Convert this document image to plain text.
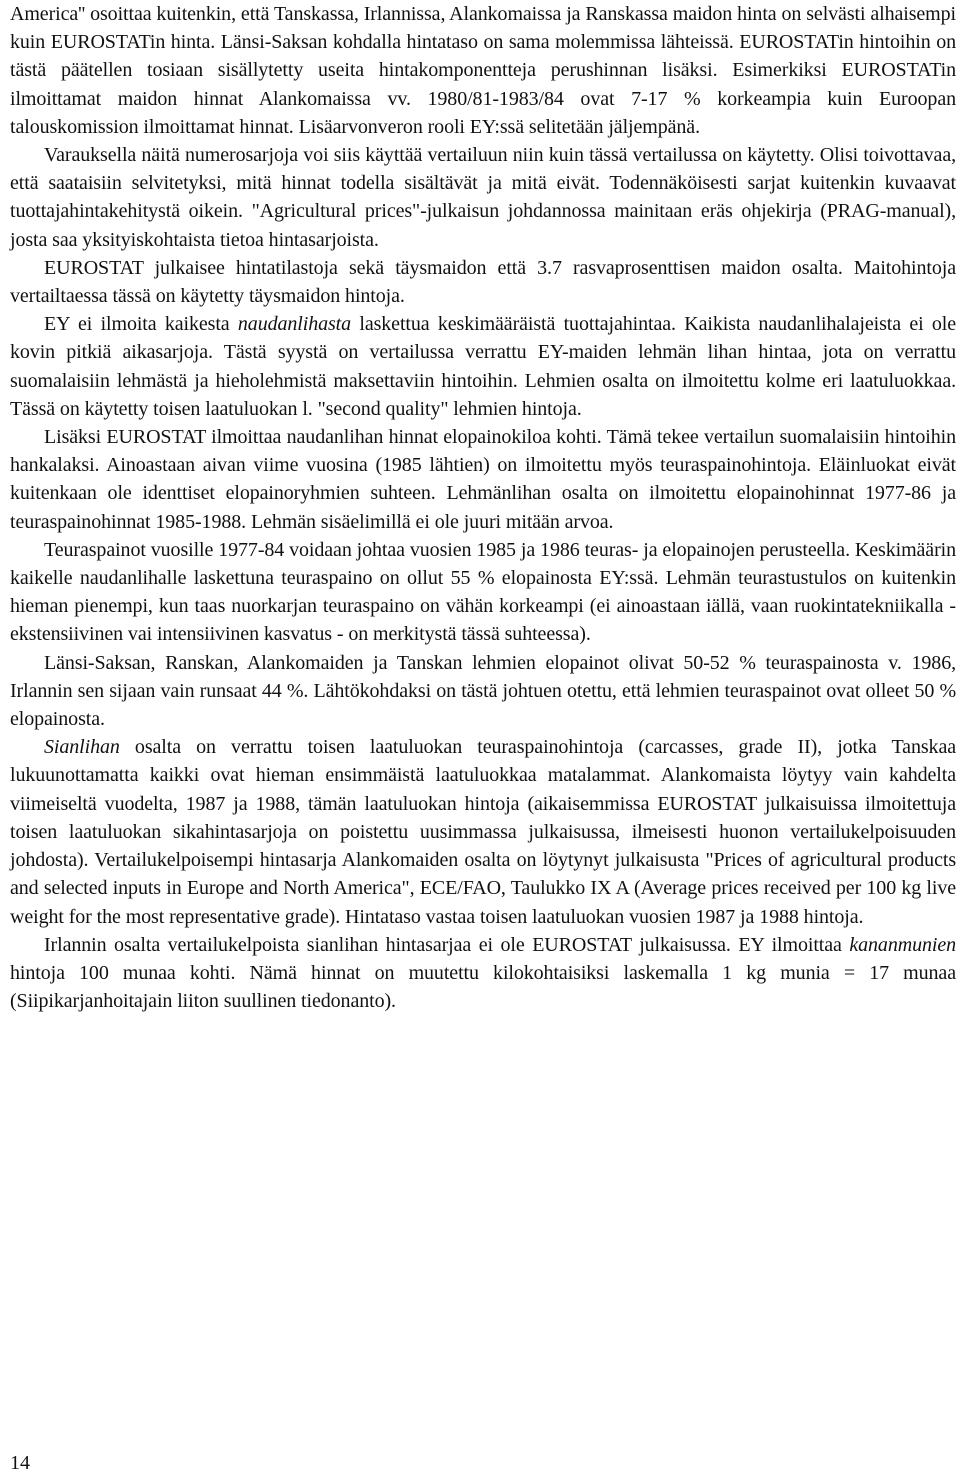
America'' osoittaa kuitenkin, että Tanskassa, Irlannissa, Alankomaissa ja Ranskassa maidon hinta on selvästi alhaisempi kuin EUROSTATin hinta. Länsi-Saksan kohdalla hintataso on sama molemmissa lähteissä. EUROSTATin hintoihin on tästä päätellen tosiaan sisällytetty useita hintakomponentteja perushinnan lisäksi. Esimerkiksi EUROSTATin ilmoittamat maidon hinnat Alankomaissa vv. 1980/81-1983/84 ovat 7-17 % korkeampia kuin Euroopan talouskomission ilmoittamat hinnat. Lisäarvonveron rooli EY:ssä selitetään jäljempänä.

Varauksella näitä numerosarjoja voi siis käyttää vertailuun niin kuin tässä vertailussa on käytetty. Olisi toivottavaa, että saataisiin selvitetyksi, mitä hinnat todella sisältävät ja mitä eivät. Todennäköisesti sarjat kuitenkin kuvaavat tuottajahintakehitystä oikein. "Agricultural prices"-julkaisun johdannossa mainitaan eräs ohjekirja (PRAG-manual), josta saa yksityiskohtaista tietoa hintasarjoista.

EUROSTAT julkaisee hintatilastoja sekä täysmaidon että 3.7 rasvaprosenttisen maidon osalta. Maitohintoja vertailtaessa tässä on käytetty täysmaidon hintoja.

EY ei ilmoita kaikesta naudanlihasta laskettua keskimääräistä tuottajahintaa. Kaikista naudanlihalajeista ei ole kovin pitkiä aikasarjoja. Tästä syystä on vertailussa verrattu EY-maiden lehmän lihan hintaa, jota on verrattu suomalaisiin lehmästä ja hieholehmistä maksettaviin hintoihin. Lehmien osalta on ilmoitettu kolme eri laatuluokkaa. Tässä on käytetty toisen laatuluokan l. "second quality" lehmien hintoja.

Lisäksi EUROSTAT ilmoittaa naudanlihan hinnat elopainokiloa kohti. Tämä tekee vertailun suomalaisiin hintoihin hankalaksi. Ainoastaan aivan viime vuosina (1985 lähtien) on ilmoitettu myös teuraspainohintoja. Eläinluokat eivät kuitenkaan ole identtiset elopainoryhmien suhteen. Lehmänlihan osalta on ilmoitettu elopainohinnat 1977-86 ja teuraspainohinnat 1985-1988. Lehmän sisäelimillä ei ole juuri mitään arvoa.

Teuraspainot vuosille 1977-84 voidaan johtaa vuosien 1985 ja 1986 teuras- ja elopainojen perusteella. Keskimäärin kaikelle naudanlihalle laskettuna teuraspaino on ollut 55 % elopainosta EY:ssä. Lehmän teurastustulos on kuitenkin hieman pienempi, kun taas nuorkarjan teuraspaino on vähän korkeampi (ei ainoastaan iällä, vaan ruokintatekniikalla - ekstensiivinen vai intensiivinen kasvatus - on merkitystä tässä suhteessa).

Länsi-Saksan, Ranskan, Alankomaiden ja Tanskan lehmien elopainot olivat 50-52 % teuraspainosta v. 1986, Irlannin sen sijaan vain runsaat 44 %. Lähtökohdaksi on tästä johtuen otettu, että lehmien teuraspainot ovat olleet 50 % elopainosta.

Sianlihan osalta on verrattu toisen laatuluokan teuraspainohintoja (carcasses, grade II), jotka Tanskaa lukuunottamatta kaikki ovat hieman ensimmäistä laatuluokkaa matalammat. Alankomaista löytyy vain kahdelta viimeiseltä vuodelta, 1987 ja 1988, tämän laatuluokan hintoja (aikaisemmissa EUROSTAT julkaisuissa ilmoitettuja toisen laatuluokan sikahintasarjoja on poistettu uusimmassa julkaisussa, ilmeisesti huonon vertailukelpoisuuden johdosta). Vertailukelpoisempi hintasarja Alankomaiden osalta on löytynyt julkaisusta "Prices of agricultural products and selected inputs in Europe and North America", ECE/FAO, Taulukko IX A (Average prices received per 100 kg live weight for the most representative grade). Hintataso vastaa toisen laatuluokan vuosien 1987 ja 1988 hintoja.

Irlannin osalta vertailukelpoista sianlihan hintasarjaa ei ole EUROSTAT julkaisussa. EY ilmoittaa kananmunien hintoja 100 munaa kohti. Nämä hinnat on muutettu kilokohtaisiksi laskemalla 1 kg munia = 17 munaa (Siipikarjanhoitajain liiton suullinen tiedonanto).

14
